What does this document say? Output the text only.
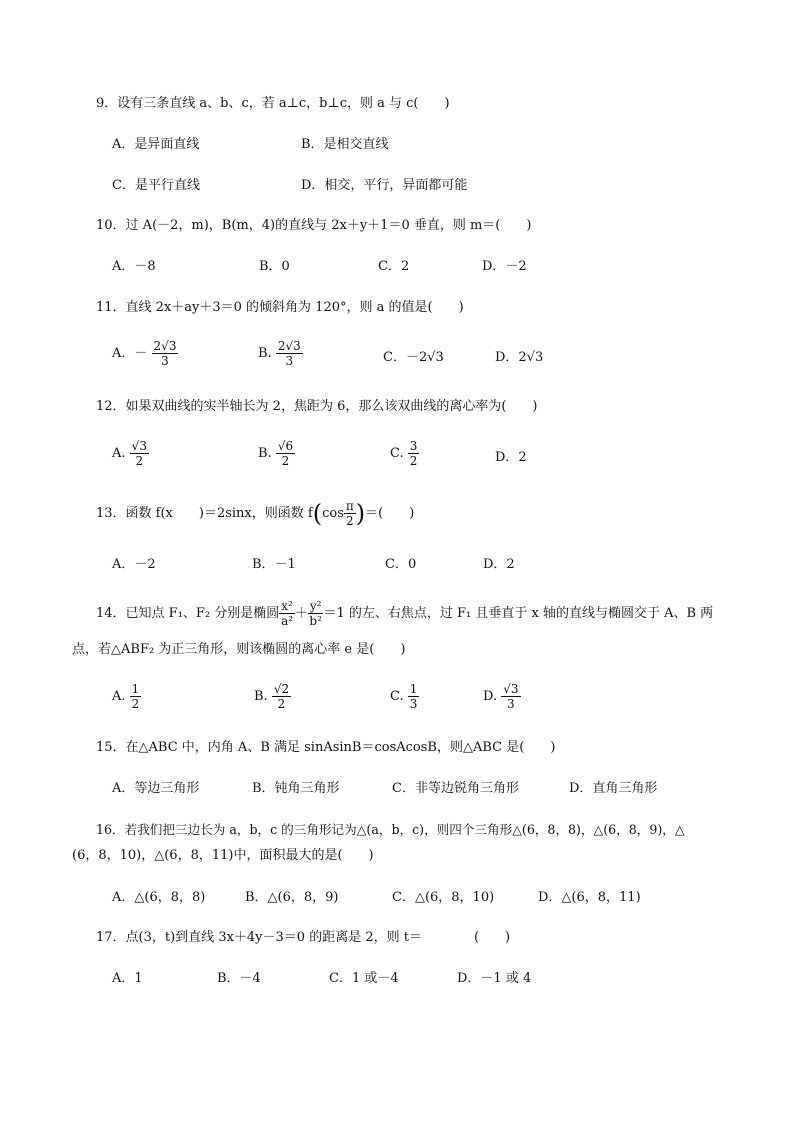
9．设有三条直线 a、b、c，若 a⊥c，b⊥c，则 a 与 c(　　)
A．是异面直线	B．是相交直线
C．是平行直线	D．相交，平行，异面都可能
10．过 A(－2，m)，B(m，4)的直线与 2x＋y＋1＝0 垂直，则 m＝(　　)
A．－8	B．0	C．2	D．－2
11．直线 2x＋ay＋3＝0 的倾斜角为 120°，则 a 的值是(　　)
A．－ $\frac{2√3}{3}$	B. $\frac{2√3}{3}$	C．－2√3	D．2√3
12．如果双曲线的实半轴长为 2，焦距为 6，那么该双曲线的离心率为(　　)
A. $\frac{√3}{2}$	B. $\frac{√6}{2}$	C. $\frac{3}{2}$	D．2
13．函数 f(x　　)＝2sinx，则函数 $f(\cos \frac{\pi}{2}$ )＝(　　)
A．－2	B．－1	C．0	D．2
14．已知点 F₁、F₂ 分别是椭圆 $\frac{\text{x²}}{\text{a²}} + \frac{\text{y²}}{\text{b²}} =1$ 的左、右焦点，过 F₁ 且垂直于 x 轴的直线与椭圆交于 A、B 两
点，若△ABF₂ 为正三角形，则该椭圆的离心率 e 是(　　)
A. $\frac{1}{2}$	B. $\frac{√2}{2}$	C. $\frac{1}{3}$	D. $\frac{√3}{3}$
15．在△ABC 中，内角 A、B 满足 sinAsinB＝cosAcosB，则△ABC 是(　　)
A．等边三角形	B．钝角三角形	C．非等边锐角三角形	D．直角三角形
16．若我们把三边长为 a，b，c 的三角形记为△(a，b，c)，则四个三角形△(6，8，8)，△(6，8，9)，△
(6，8，10)，△(6，8，11)中，面积最大的是(　　)
A．△(6，8，8)	B．△(6，8，9)	C．△(6，8，10)	D．△(6，8，11)
17．点(3，t)到直线 3x＋4y－3＝0 的距离是 2，则 t＝　　　　(　　)
A．1	B．－4	C．1 或－4	D．－1 或 4
